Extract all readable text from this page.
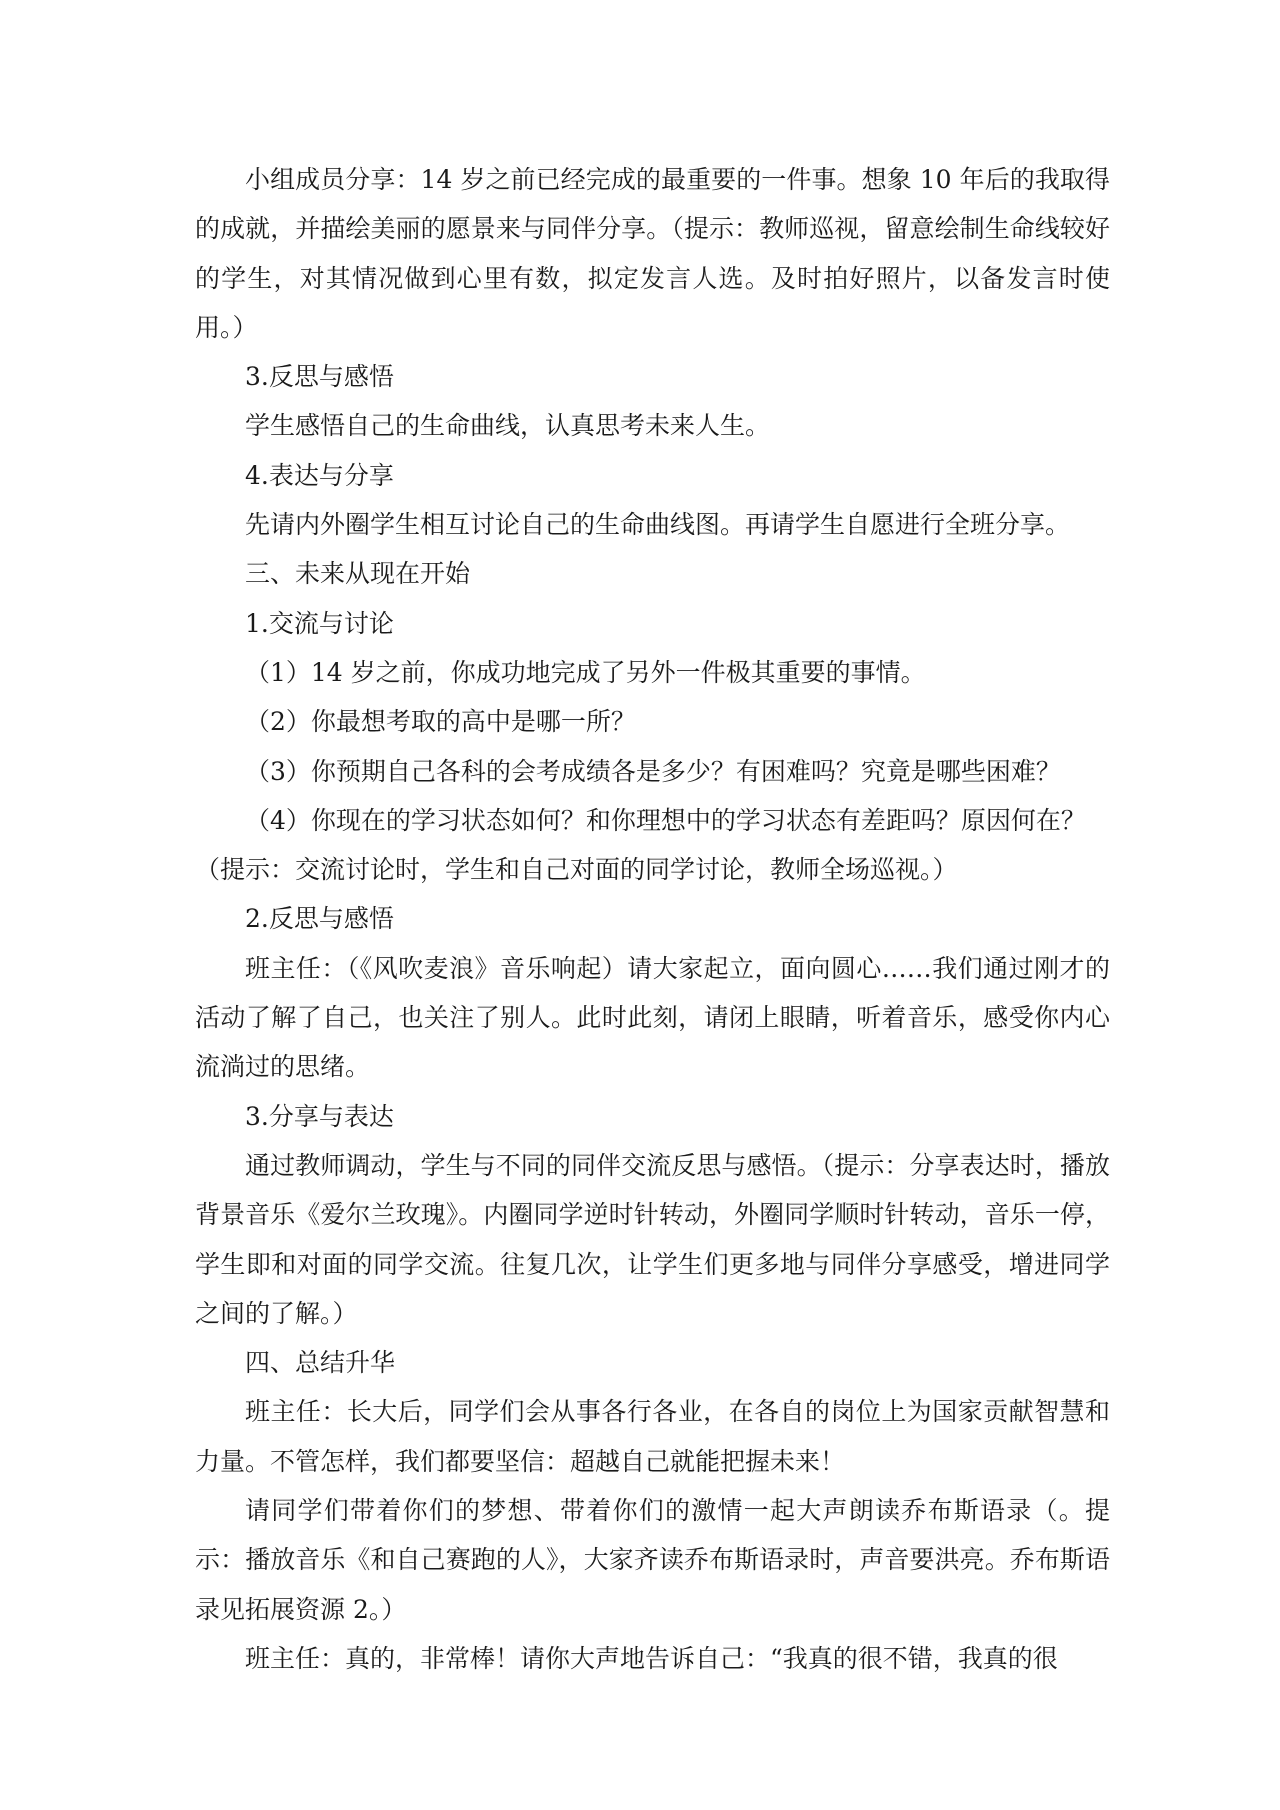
小组成员分享：14 岁之前已经完成的最重要的一件事。想象 10 年后的我取得的成就，并描绘美丽的愿景来与同伴分享。（提示：教师巡视，留意绘制生命线较好的学生，对其情况做到心里有数，拟定发言人选。及时拍好照片，以备发言时使用。）

3.反思与感悟

学生感悟自己的生命曲线，认真思考未来人生。

4.表达与分享

先请内外圈学生相互讨论自己的生命曲线图。再请学生自愿进行全班分享。

三、未来从现在开始

1.交流与讨论

（1）14 岁之前，你成功地完成了另外一件极其重要的事情。

（2）你最想考取的高中是哪一所？

（3）你预期自己各科的会考成绩各是多少？有困难吗？究竟是哪些困难？

（4）你现在的学习状态如何？和你理想中的学习状态有差距吗？原因何在？

（提示：交流讨论时，学生和自己对面的同学讨论，教师全场巡视。）

2.反思与感悟

班主任：（《风吹麦浪》音乐响起）请大家起立，面向圆心……我们通过刚才的活动了解了自己，也关注了别人。此时此刻，请闭上眼睛，听着音乐，感受你内心流淌过的思绪。

3.分享与表达

通过教师调动，学生与不同的同伴交流反思与感悟。（提示：分享表达时，播放背景音乐《爱尔兰玫瑰》。内圈同学逆时针转动，外圈同学顺时针转动，音乐一停，学生即和对面的同学交流。往复几次，让学生们更多地与同伴分享感受，增进同学之间的了解。）

四、总结升华

班主任：长大后，同学们会从事各行各业，在各自的岗位上为国家贡献智慧和力量。不管怎样，我们都要坚信：超越自己就能把握未来！

请同学们带着你们的梦想、带着你们的激情一起大声朗读乔布斯语录（。提示：播放音乐《和自己赛跑的人》，大家齐读乔布斯语录时，声音要洪亮。乔布斯语录见拓展资源 2。）

班主任：真的，非常棒！请你大声地告诉自己：“我真的很不错，我真的很
